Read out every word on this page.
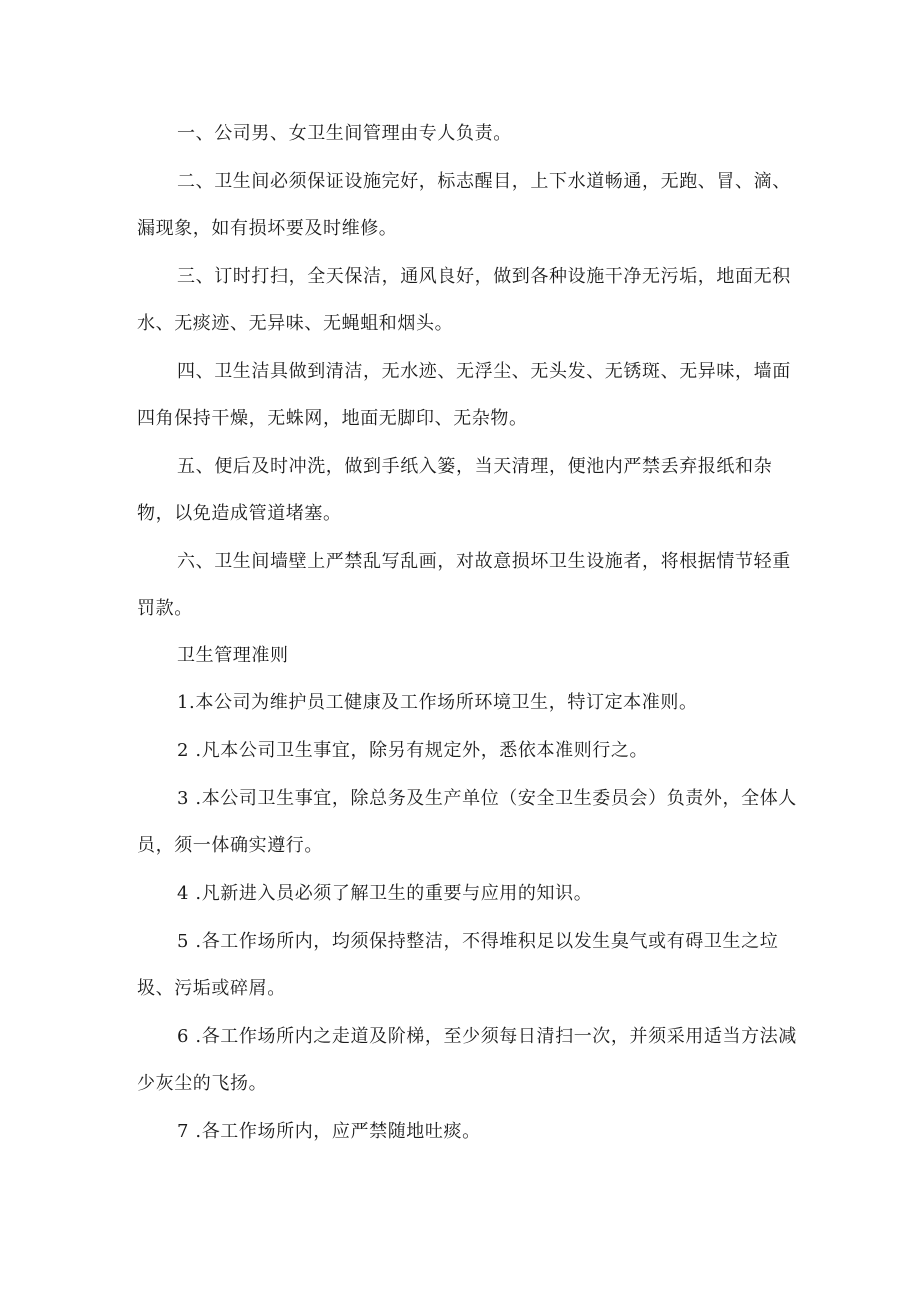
一、公司男、女卫生间管理由专人负责。

二、卫生间必须保证设施完好，标志醒目，上下水道畅通，无跑、冒、滴、漏现象，如有损坏要及时维修。

三、订时打扫，全天保洁，通风良好，做到各种设施干净无污垢，地面无积水、无痰迹、无异味、无蝇蛆和烟头。

四、卫生洁具做到清洁，无水迹、无浮尘、无头发、无锈斑、无异味，墙面四角保持干燥，无蛛网，地面无脚印、无杂物。

五、便后及时冲洗，做到手纸入篓，当天清理，便池内严禁丢弃报纸和杂物，以免造成管道堵塞。

六、卫生间墙壁上严禁乱写乱画，对故意损坏卫生设施者，将根据情节轻重罚款。

卫生管理准则

1.本公司为维护员工健康及工作场所环境卫生，特订定本准则。

2 .凡本公司卫生事宜，除另有规定外，悉依本准则行之。

3 .本公司卫生事宜，除总务及生产单位（安全卫生委员会）负责外，全体人员，须一体确实遵行。

4 .凡新进入员必须了解卫生的重要与应用的知识。

5 .各工作场所内，均须保持整洁，不得堆积足以发生臭气或有碍卫生之垃圾、污垢或碎屑。

6 .各工作场所内之走道及阶梯，至少须每日清扫一次，并须采用适当方法减少灰尘的飞扬。

7 .各工作场所内，应严禁随地吐痰。
